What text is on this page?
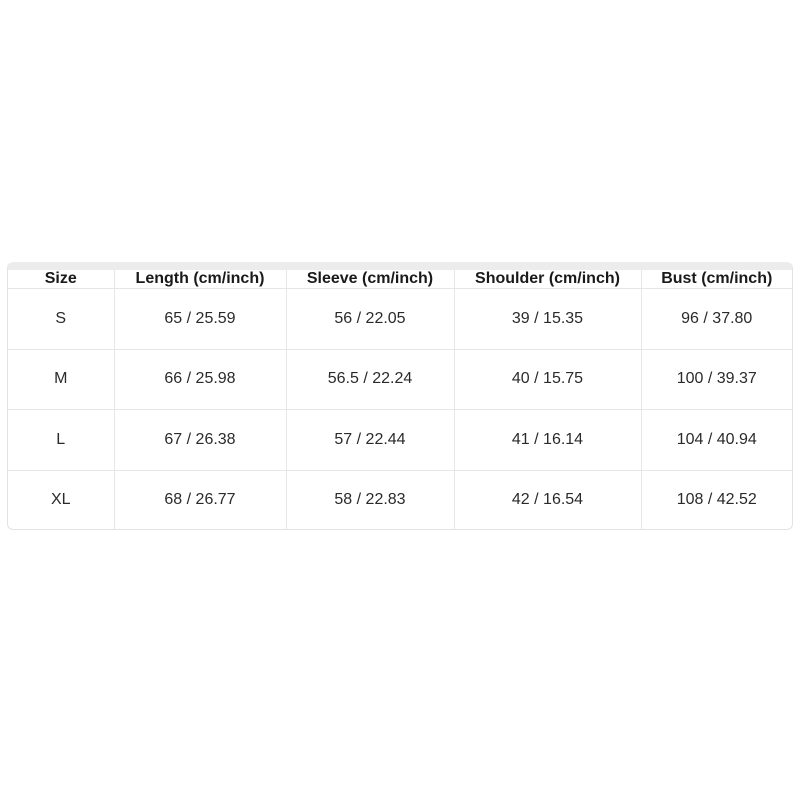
Size	Length (cm/inch)	Sleeve (cm/inch)	Shoulder (cm/inch)	Bust (cm/inch)
S	65 / 25.59	56 / 22.05	39 / 15.35	96 / 37.80
M	66 / 25.98	56.5 / 22.24	40 / 15.75	100 / 39.37
L	67 / 26.38	57 / 22.44	41 / 16.14	104 / 40.94
XL	68 / 26.77	58 / 22.83	42 / 16.54	108 / 42.52
